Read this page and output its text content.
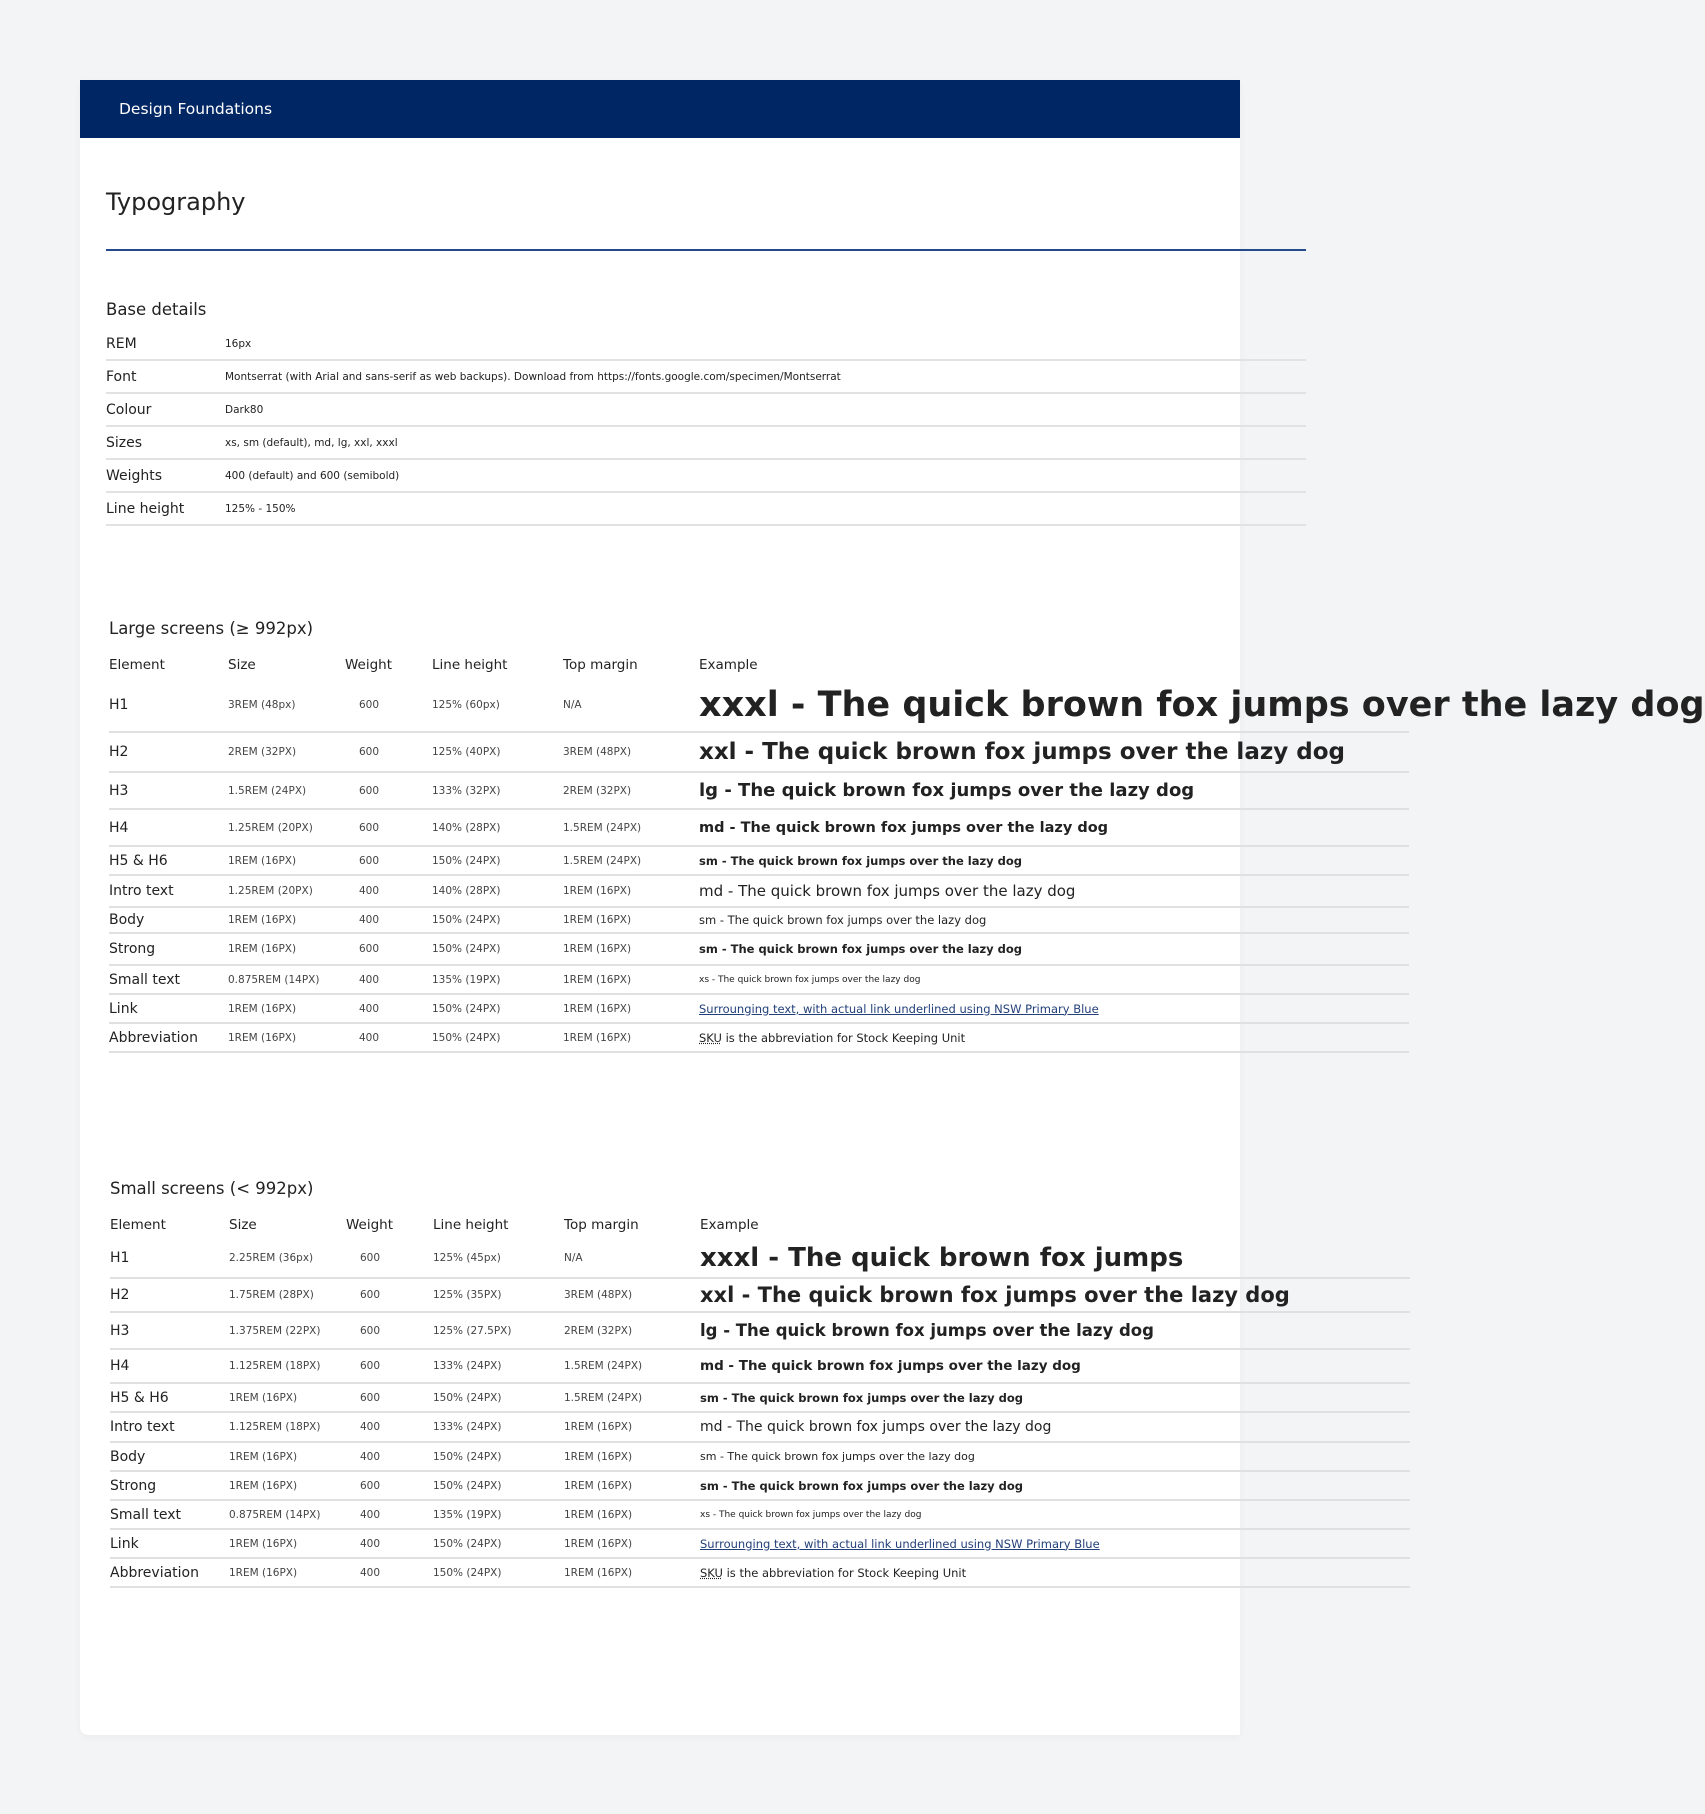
Design Foundations
Typography
Base details
REM	16px
Font	Montserrat (with Arial and sans-serif as web backups). Download from https://fonts.google.com/specimen/Montserrat
Colour	Dark80
Sizes	xs, sm (default), md, lg, xxl, xxxl
Weights	400 (default) and 600 (semibold)
Line height	125% - 150%
Large screens (≥ 992px)
Element	Size	Weight	Line height	Top margin	Example
H1	3REM (48px)	600	125% (60px)	N/A	xxxl - The quick brown fox jumps over the lazy dog
H2	2REM (32PX)	600	125% (40PX)	3REM (48PX)	xxl - The quick brown fox jumps over the lazy dog
H3	1.5REM (24PX)	600	133% (32PX)	2REM (32PX)	lg - The quick brown fox jumps over the lazy dog
H4	1.25REM (20PX)	600	140% (28PX)	1.5REM (24PX)	md - The quick brown fox jumps over the lazy dog
H5 & H6	1REM (16PX)	600	150% (24PX)	1.5REM (24PX)	sm - The quick brown fox jumps over the lazy dog
Intro text	1.25REM (20PX)	400	140% (28PX)	1REM (16PX)	md - The quick brown fox jumps over the lazy dog
Body	1REM (16PX)	400	150% (24PX)	1REM (16PX)	sm - The quick brown fox jumps over the lazy dog
Strong	1REM (16PX)	600	150% (24PX)	1REM (16PX)	sm - The quick brown fox jumps over the lazy dog
Small text	0.875REM (14PX)	400	135% (19PX)	1REM (16PX)	xs - The quick brown fox jumps over the lazy dog
Link	1REM (16PX)	400	150% (24PX)	1REM (16PX)	Surrounging text, with actual link underlined using NSW Primary Blue
Abbreviation	1REM (16PX)	400	150% (24PX)	1REM (16PX)	SKU is the abbreviation for Stock Keeping Unit
Small screens (< 992px)
Element	Size	Weight	Line height	Top margin	Example
H1	2.25REM (36px)	600	125% (45px)	N/A	xxxl - The quick brown fox jumps
H2	1.75REM (28PX)	600	125% (35PX)	3REM (48PX)	xxl - The quick brown fox jumps over the lazy dog
H3	1.375REM (22PX)	600	125% (27.5PX)	2REM (32PX)	lg - The quick brown fox jumps over the lazy dog
H4	1.125REM (18PX)	600	133% (24PX)	1.5REM (24PX)	md - The quick brown fox jumps over the lazy dog
H5 & H6	1REM (16PX)	600	150% (24PX)	1.5REM (24PX)	sm - The quick brown fox jumps over the lazy dog
Intro text	1.125REM (18PX)	400	133% (24PX)	1REM (16PX)	md - The quick brown fox jumps over the lazy dog
Body	1REM (16PX)	400	150% (24PX)	1REM (16PX)	sm - The quick brown fox jumps over the lazy dog
Strong	1REM (16PX)	600	150% (24PX)	1REM (16PX)	sm - The quick brown fox jumps over the lazy dog
Small text	0.875REM (14PX)	400	135% (19PX)	1REM (16PX)	xs - The quick brown fox jumps over the lazy dog
Link	1REM (16PX)	400	150% (24PX)	1REM (16PX)	Surrounging text, with actual link underlined using NSW Primary Blue
Abbreviation	1REM (16PX)	400	150% (24PX)	1REM (16PX)	SKU is the abbreviation for Stock Keeping Unit
